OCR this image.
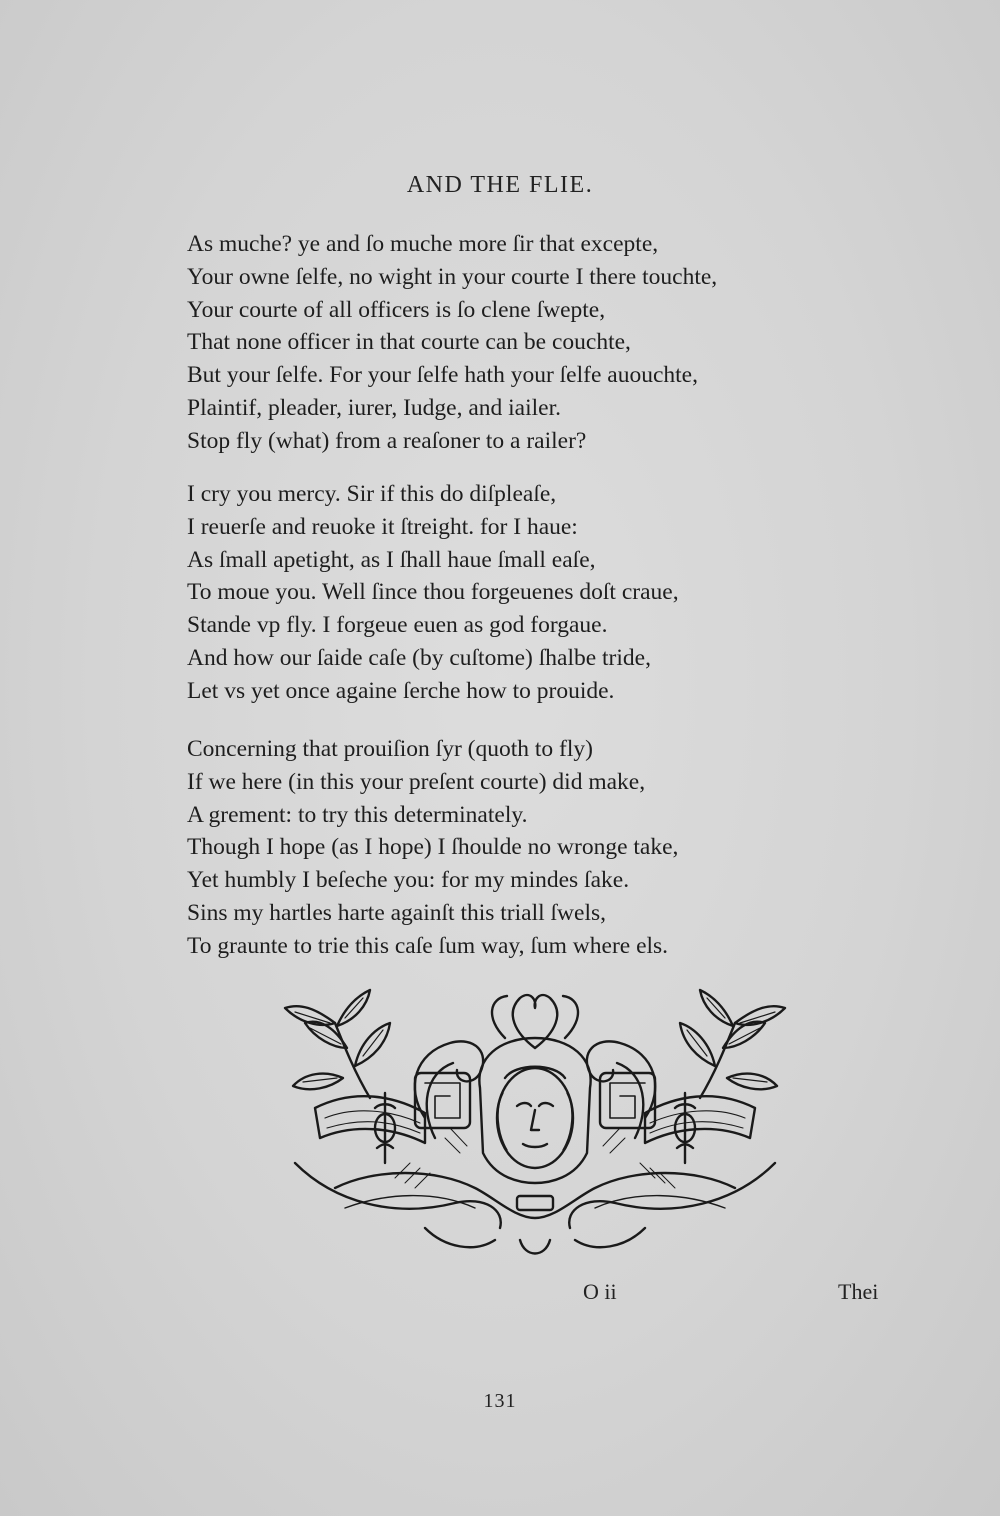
AND THE FLIE.
As muche? ye and ſo muche more ſir that excepte,
Your owne ſelfe, no wight in your courte I there touchte,
Your courte of all officers is ſo clene ſwepte,
That none officer in that courte can be couchte,
But your ſelfe. For your ſelfe hath your ſelfe auouchte,
Plaintif, pleader, iurer, Iudge, and iailer.
Stop fly (what) from a reaſoner to a railer?
I cry you mercy. Sir if this do diſpleaſe,
I reuerſe and reuoke it ſtreight. for I haue:
As ſmall apetight, as I ſhall haue ſmall eaſe,
To moue you. Well ſince thou forgeuenes doſt craue,
Stande vp fly. I forgeue euen as god forgaue.
And how our ſaide caſe (by cuſtome) ſhalbe tride,
Let vs yet once againe ſerche how to prouide.
Concerning that prouiſion ſyr (quoth to fly)
If we here (in this your preſent courte) did make,
A grement: to try this determinately.
Though I hope (as I hope) I ſhoulde no wronge take,
Yet humbly I beſeche you: for my mindes ſake.
Sins my hartles harte againſt this triall ſwels,
To graunte to trie this caſe ſum way, ſum where els.
O ii	Thei
131
